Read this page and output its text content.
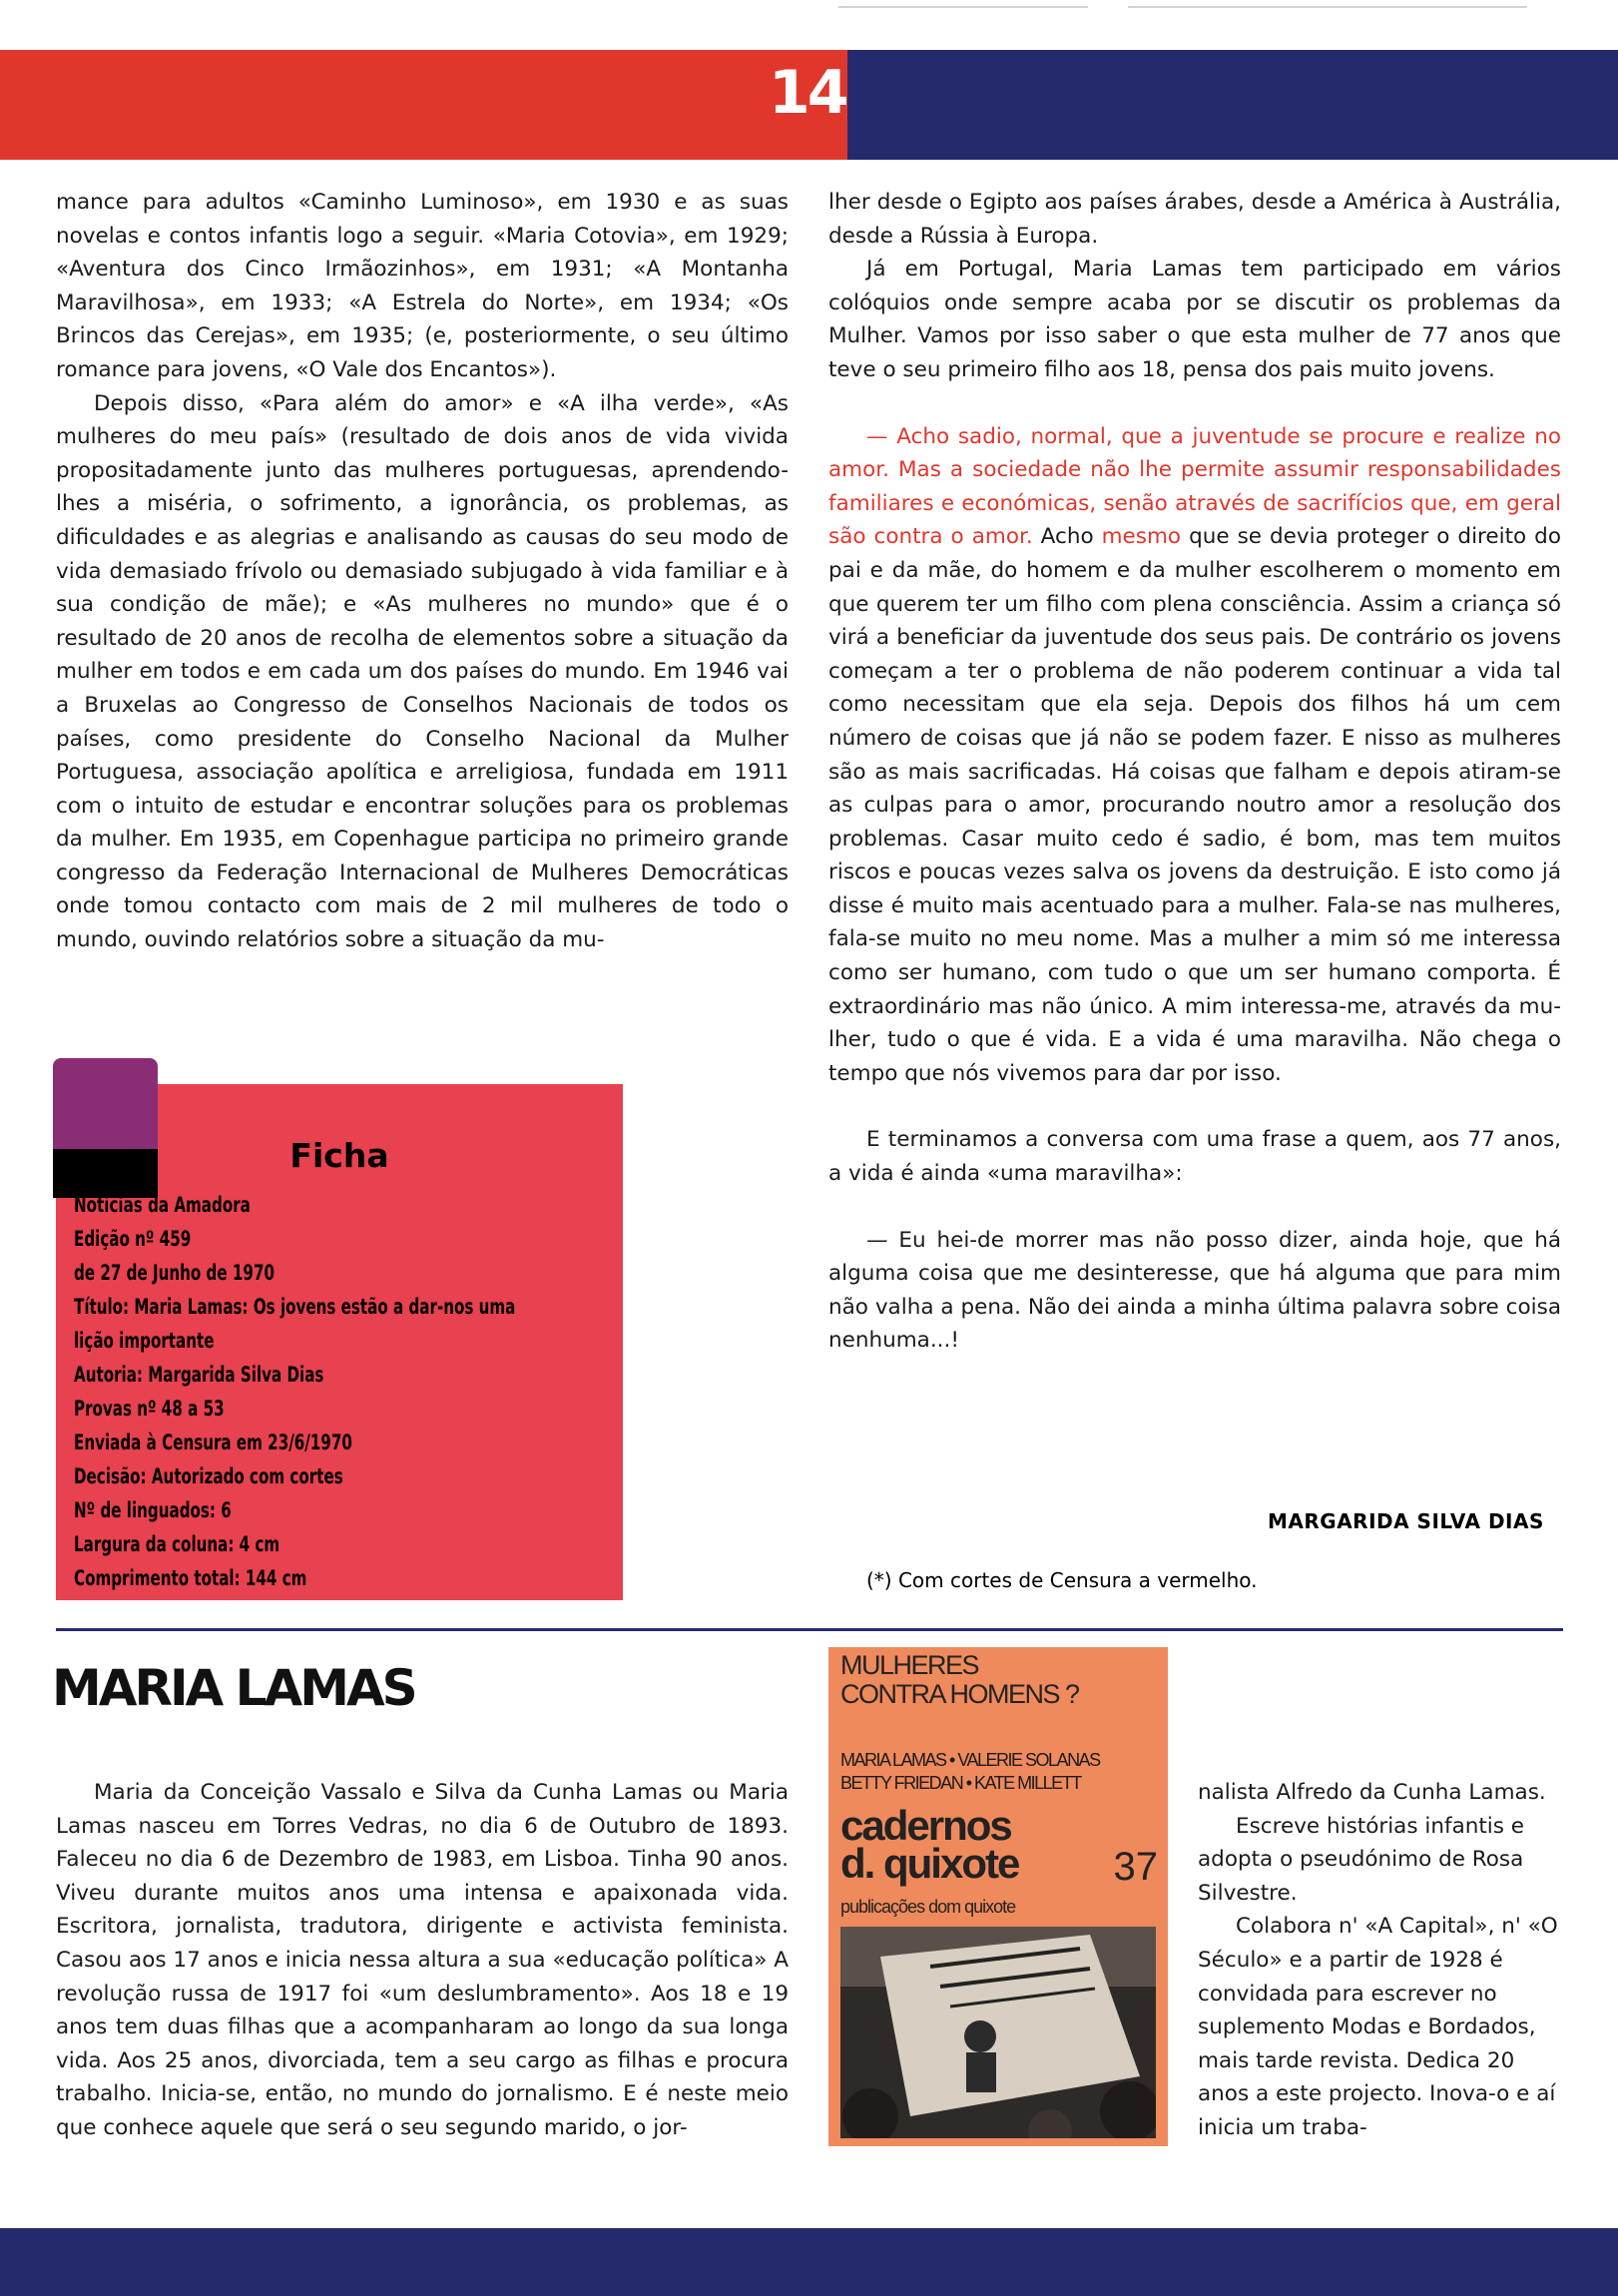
14

mance para adultos «Caminho Luminoso», em 1930 e as suas novelas e contos infantis logo a seguir. «Maria Cotovia», em 1929; «Aventura dos Cinco Irmãozinhos», em 1931; «A Montanha Maravilhosa», em 1933; «A Estrela do Norte», em 1934; «Os Brincos das Cerejas», em 1935; (e, posteriormente, o seu último romance para jovens, «O Vale dos Encantos»).

Depois disso, «Para além do amor» e «A ilha verde», «As mulheres do meu país» (resultado de dois anos de vida vivida propositadamente junto das mulheres portuguesas, aprendendo-lhes a miséria, o sofrimento, a ignorância, os problemas, as dificuldades e as alegrias e analisando as causas do seu modo de vida demasiado frívolo ou demasiado subjugado à vida familiar e à sua condição de mãe); e «As mulheres no mundo» que é o resultado de 20 anos de recolha de elementos sobre a situação da mulher em todos e em cada um dos países do mundo. Em 1946 vai a Bruxelas ao Congresso de Conselhos Nacionais de todos os países, como presidente do Conselho Nacional da Mulher Portuguesa, associação apolítica e arreligiosa, fundada em 1911 com o intuito de estudar e encontrar soluções para os problemas da mulher. Em 1935, em Copenhague participa no primeiro grande congresso da Federação Internacional de Mulheres Democráticas onde tomou contacto com mais de 2 mil mulheres de todo o mundo, ouvindo relatórios sobre a situação da mu-

lher desde o Egipto aos países árabes, desde a América à Austrália, desde a Rússia à Europa.

Já em Portugal, Maria Lamas tem participado em vários colóquios onde sempre acaba por se discutir os problemas da Mulher. Vamos por isso saber o que esta mulher de 77 anos que teve o seu primeiro filho aos 18, pensa dos pais muito jovens.

— Acho sadio, normal, que a juventude se procure e realize no amor. Mas a sociedade não lhe permite assumir responsabilidades familiares e económicas, senão através de sacrifícios que, em geral são contra o amor. Acho mesmo que se devia proteger o direito do pai e da mãe, do homem e da mulher escolherem o momento em que querem ter um filho com plena consciência. Assim a criança só virá a beneficiar da juventude dos seus pais. De contrário os jovens começam a ter o problema de não poderem continuar a vida tal como necessitam que ela seja. Depois dos filhos há um cem número de coisas que já não se podem fazer. E nisso as mulheres são as mais sacrificadas. Há coisas que falham e depois atiram-se as culpas para o amor, procurando noutro amor a resolução dos problemas. Casar muito cedo é sadio, é bom, mas tem muitos riscos e poucas vezes salva os jovens da destruição. E isto como já disse é muito mais acentuado para a mulher. Fala-se nas mulheres, fala-se muito no meu nome. Mas a mulher a mim só me interessa como ser humano, com tudo o que um ser humano comporta. É extraordinário mas não único. A mim interessa-me, através da mulher, tudo o que é vida. E a vida é uma maravilha. Não chega o tempo que nós vivemos para dar por isso.

E terminamos a conversa com uma frase a quem, aos 77 anos, a vida é ainda «uma maravilha»:

— Eu hei-de morrer mas não posso dizer, ainda hoje, que há alguma coisa que me desinteresse, que há alguma que para mim não valha a pena. Não dei ainda a minha última palavra sobre coisa nenhuma...!

MARGARIDA SILVA DIAS
(*) Com cortes de Censura a vermelho.
Ficha
Notícias da Amadora
Edição nº 459
de 27 de Junho de 1970
Título: Maria Lamas: Os jovens estão a dar-nos uma
lição importante
Autoria: Margarida Silva Dias
Provas nº 48 a 53
Enviada à Censura em 23/6/1970
Decisão: Autorizado com cortes
Nº de linguados: 6
Largura da coluna: 4 cm
Comprimento total: 144 cm
MARIA LAMAS

Maria da Conceição Vassalo e Silva da Cunha Lamas ou Maria Lamas nasceu em Torres Vedras, no dia 6 de Outubro de 1893. Faleceu no dia 6 de Dezembro de 1983, em Lisboa. Tinha 90 anos. Viveu durante muitos anos uma intensa e apaixonada vida. Escritora, jornalista, tradutora, dirigente e activista feminista. Casou aos 17 anos e inicia nessa altura a sua «educação política» A revolução russa de 1917 foi «um deslumbramento». Aos 18 e 19 anos tem duas filhas que a acompanharam ao longo da sua longa vida. Aos 25 anos, divorciada, tem a seu cargo as filhas e procura trabalho. Inicia-se, então, no mundo do jornalismo. E é neste meio que conhece aquele que será o seu segundo marido, o jor-

nalista Alfredo da Cunha Lamas.

Escreve histórias infantis e adopta o pseudónimo de Rosa Silvestre.

Colabora n' «A Capital», n' «O Século» e a partir de 1928 é convidada para escrever no suplemento Modas e Bordados, mais tarde revista. Dedica 20 anos a este projecto. Inova-o e aí inicia um traba-

MULHERES
CONTRA HOMENS ?
MARIA LAMAS • VALERIE SOLANAS
BETTY FRIEDAN • KATE MILLETT
cadernos
d. quixote	37
publicações dom quixote
